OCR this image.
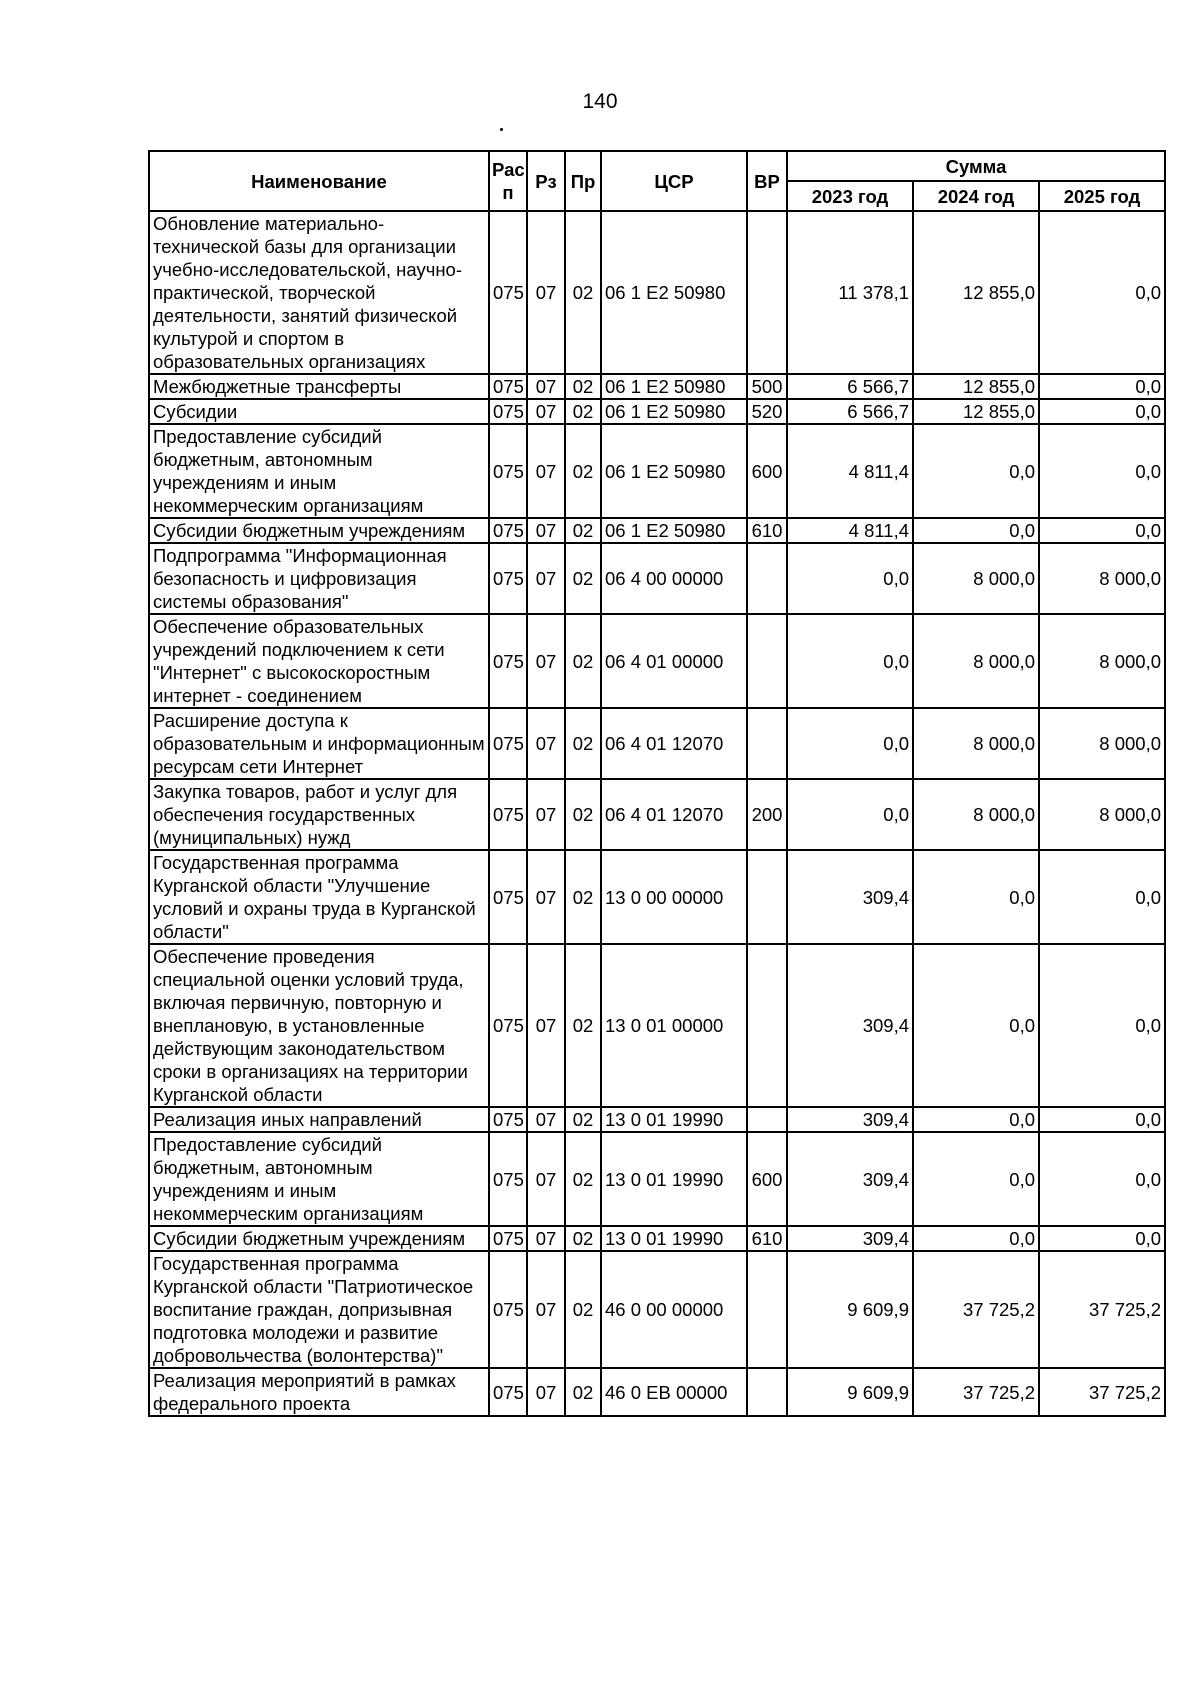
140
Наименование	Рас п	Рз	Пр	ЦСР	ВР	Сумма		
						2023 год	2024 год	2025 год
Обновление материально-технической базы для организации учебно-исследовательской, научно-практической, творческой деятельности, занятий физической культурой и спортом в образовательных организациях	075	07	02	06 1 Е2 50980		11 378,1	12 855,0	0,0
Межбюджетные трансферты	075	07	02	06 1 Е2 50980	500	6 566,7	12 855,0	0,0
Субсидии	075	07	02	06 1 Е2 50980	520	6 566,7	12 855,0	0,0
Предоставление субсидий бюджетным, автономным учреждениям и иным некоммерческим организациям	075	07	02	06 1 Е2 50980	600	4 811,4	0,0	0,0
Субсидии бюджетным учреждениям	075	07	02	06 1 Е2 50980	610	4 811,4	0,0	0,0
Подпрограмма "Информационная безопасность и цифровизация системы образования"	075	07	02	06 4 00 00000		0,0	8 000,0	8 000,0
Обеспечение образовательных учреждений подключением к сети "Интернет" с высокоскоростным интернет - соединением	075	07	02	06 4 01 00000		0,0	8 000,0	8 000,0
Расширение доступа к образовательным и информационным ресурсам сети Интернет	075	07	02	06 4 01 12070		0,0	8 000,0	8 000,0
Закупка товаров, работ и услуг для обеспечения государственных (муниципальных) нужд	075	07	02	06 4 01 12070	200	0,0	8 000,0	8 000,0
Государственная программа Курганской области "Улучшение условий и охраны труда в Курганской области"	075	07	02	13 0 00 00000		309,4	0,0	0,0
Обеспечение проведения специальной оценки условий труда, включая первичную, повторную и внеплановую, в установленные действующим законодательством сроки в организациях на территории Курганской области	075	07	02	13 0 01 00000		309,4	0,0	0,0
Реализация иных направлений	075	07	02	13 0 01 19990		309,4	0,0	0,0
Предоставление субсидий бюджетным, автономным учреждениям и иным некоммерческим организациям	075	07	02	13 0 01 19990	600	309,4	0,0	0,0
Субсидии бюджетным учреждениям	075	07	02	13 0 01 19990	610	309,4	0,0	0,0
Государственная программа Курганской области "Патриотическое воспитание граждан, допризывная подготовка молодежи и развитие добровольчества (волонтерства)"	075	07	02	46 0 00 00000		9 609,9	37 725,2	37 725,2
Реализация мероприятий в рамках федерального проекта	075	07	02	46 0 ЕВ 00000		9 609,9	37 725,2	37 725,2
